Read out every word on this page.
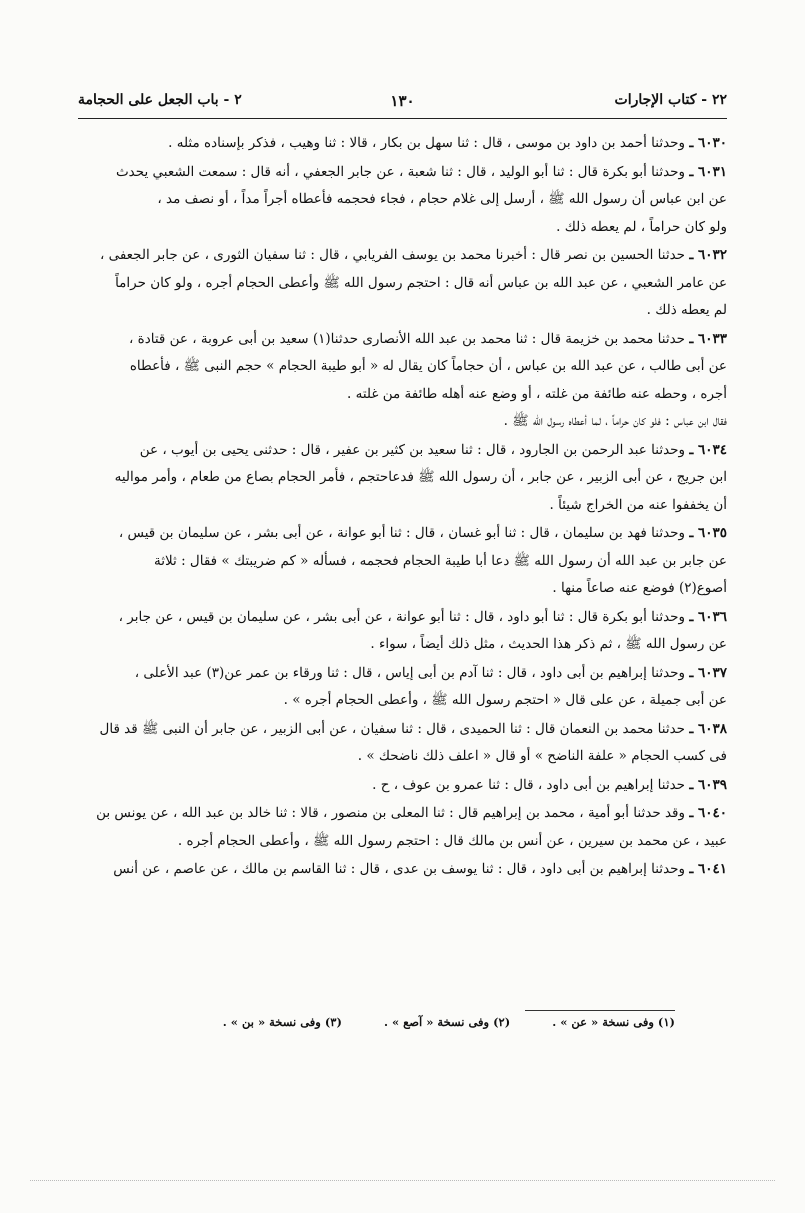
٢٢ - كتاب الإجارات
١٣٠
٢ - باب الجعل على الحجامة
٦٠٣٠ ـ وحدثنا أحمد بن داود بن موسى ، قال : ثنا سهل بن بكار ، قالا : ثنا وهيب ، فذكر بإسناده مثله .
٦٠٣١ ـ وحدثنا أبو بكرة قال : ثنا أبو الوليد ، قال : ثنا شعبة ، عن جابر الجعفي ، أنه قال : سمعت الشعبي يحدث
عن ابن عباس أن رسول الله ﷺ ، أرسل إلى غلام حجام ، فجاء فحجمه فأعطاه أجراً مداً ، أو نصف مد ،
ولو كان حراماً ، لم يعطه ذلك .
٦٠٣٢ ـ حدثنا الحسين بن نصر قال : أخبرنا محمد بن يوسف الفريابي ، قال : ثنا سفيان الثورى ، عن جابر الجعفى ،
عن عامر الشعبي ، عن عبد الله بن عباس أنه قال : احتجم رسول الله ﷺ وأعطى الحجام أجره ، ولو كان حراماً
لم يعطه ذلك .
٦٠٣٣ ـ حدثنا محمد بن خزيمة قال : ثنا محمد بن عبد الله الأنصارى حدثنا(١) سعيد بن أبى عروبة ، عن قتادة ،
عن أبى طالب ، عن عبد الله بن عباس ، أن حجاماً كان يقال له « أبو طيبة الحجام » حجم النبى ﷺ ، فأعطاه
أجره ، وحطه عنه طائفة من غلته ، أو وضع عنه أهله طائفة من غلته .
فقال ابن عباس : فلو كان حراماً ، لما أعطاه رسول الله ﷺ .
٦٠٣٤ ـ وحدثنا عبد الرحمن بن الجارود ، قال : ثنا سعيد بن كثير بن عفير ، قال : حدثنى يحيى بن أيوب ، عن
ابن جريج ، عن أبى الزبير ، عن جابر ، أن رسول الله ﷺ فدعاحتجم ، فأمر الحجام بصاع من طعام ، وأمر مواليه
أن يخففوا عنه من الخراج شيئاً .
٦٠٣٥ ـ وحدثنا فهد بن سليمان ، قال : ثنا أبو غسان ، قال : ثنا أبو عوانة ، عن أبى بشر ، عن سليمان بن قيس ،
عن جابر بن عبد الله أن رسول الله ﷺ دعا أبا طيبة الحجام فحجمه ، فسأله « كم ضريبتك » فقال : ثلاثة
أصوع(٢) فوضع عنه صاعاً منها .
٦٠٣٦ ـ وحدثنا أبو بكرة قال : ثنا أبو داود ، قال : ثنا أبو عوانة ، عن أبى بشر ، عن سليمان بن قيس ، عن جابر ،
عن رسول الله ﷺ ، ثم ذكر هذا الحديث ، مثل ذلك أيضاً ، سواء .
٦٠٣٧ ـ وحدثنا إبراهيم بن أبى داود ، قال : ثنا آدم بن أبى إياس ، قال : ثنا ورقاء بن عمر عن(٣) عبد الأعلى ،
عن أبى جميلة ، عن على قال « احتجم رسول الله ﷺ ، وأعطى الحجام أجره » .
٦٠٣٨ ـ حدثنا محمد بن النعمان قال : ثنا الحميدى ، قال : ثنا سفيان ، عن أبى الزبير ، عن جابر أن النبى ﷺ قد قال
فى كسب الحجام « علفة الناضح » أو قال « اعلف ذلك ناضحك » .
٦٠٣٩ ـ حدثنا إبراهيم بن أبى داود ، قال : ثنا عمرو بن عوف ، ح .
٦٠٤٠ ـ وقد حدثنا أبو أمية ، محمد بن إبراهيم قال : ثنا المعلى بن منصور ، قالا : ثنا خالد بن عبد الله ، عن يونس بن
عبيد ، عن محمد بن سيرين ، عن أنس بن مالك قال : احتجم رسول الله ﷺ ، وأعطى الحجام أجره .
٦٠٤١ ـ وحدثنا إبراهيم بن أبى داود ، قال : ثنا يوسف بن عدى ، قال : ثنا القاسم بن مالك ، عن عاصم ، عن أنس
(١) وفى نسخة « عن » . (٢) وفى نسخة « آصع » . (٣) وفى نسخة « بن » .
